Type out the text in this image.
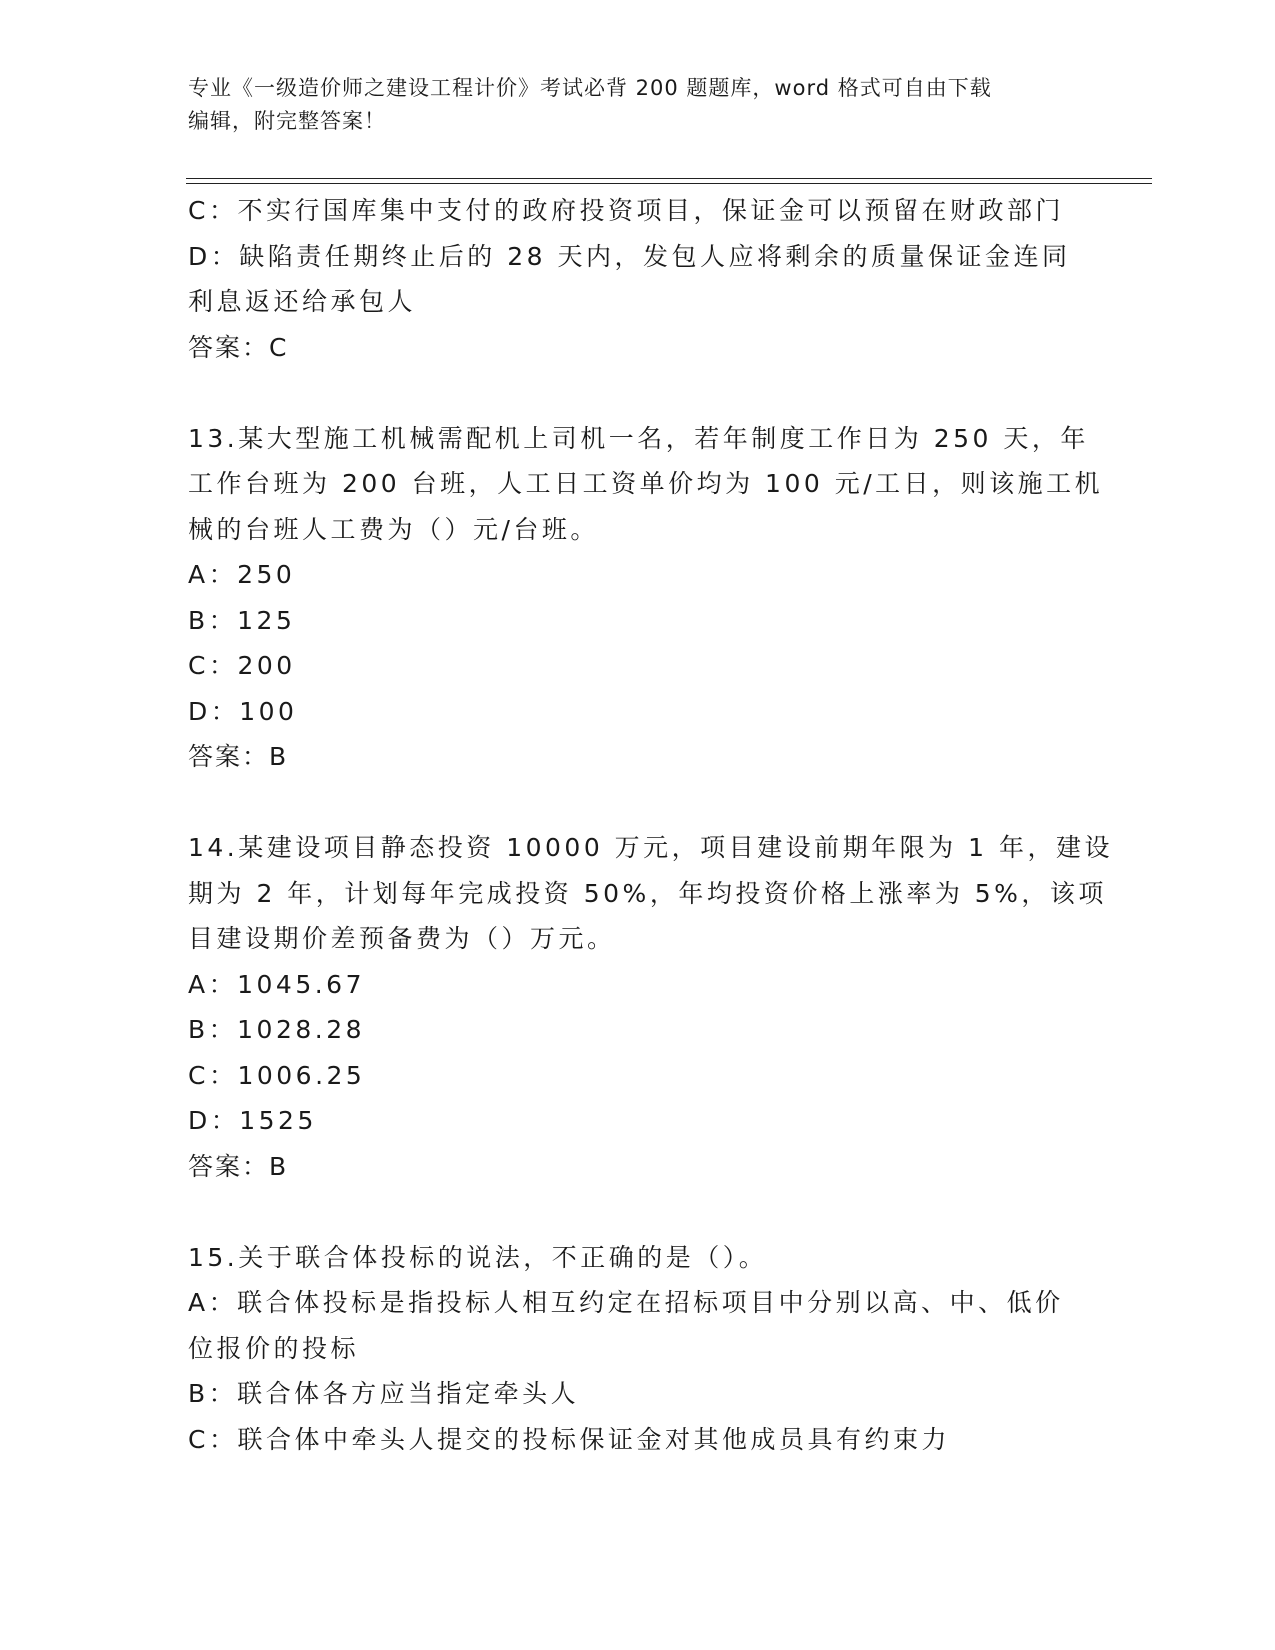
专业《一级造价师之建设工程计价》考试必背 200 题题库，word 格式可自由下载
编辑，附完整答案！
C：不实行国库集中支付的政府投资项目，保证金可以预留在财政部门
D：缺陷责任期终止后的 28 天内，发包人应将剩余的质量保证金连同
利息返还给承包人
答案：C
13.某大型施工机械需配机上司机一名，若年制度工作日为 250 天，年
工作台班为 200 台班，人工日工资单价均为 100 元/工日，则该施工机
械的台班人工费为（）元/台班。
A：250
B：125
C：200
D：100
答案：B
14.某建设项目静态投资 10000 万元，项目建设前期年限为 1 年，建设
期为 2 年，计划每年完成投资 50%，年均投资价格上涨率为 5%，该项
目建设期价差预备费为（）万元。
A：1045.67
B：1028.28
C：1006.25
D：1525
答案：B
15.关于联合体投标的说法，不正确的是（）。
A：联合体投标是指投标人相互约定在招标项目中分别以高、中、低价
位报价的投标
B：联合体各方应当指定牵头人
C：联合体中牵头人提交的投标保证金对其他成员具有约束力
